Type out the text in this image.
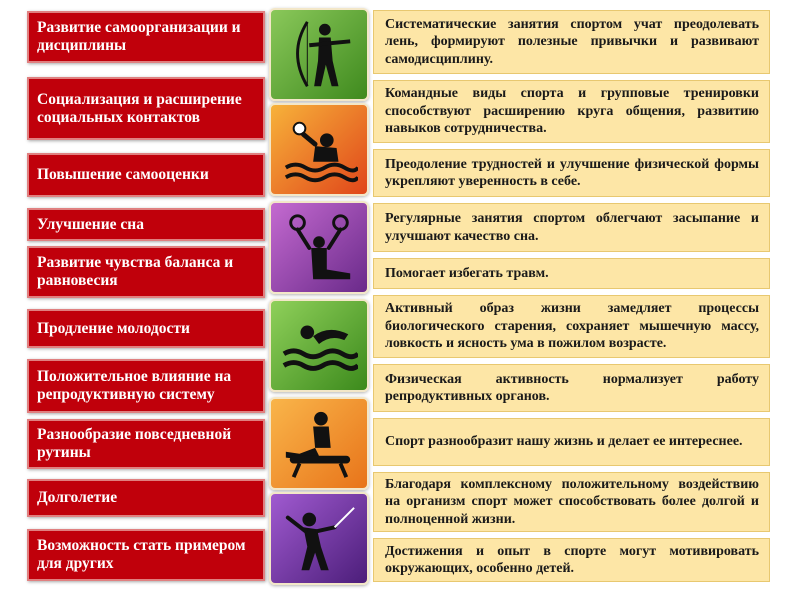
Развитие самоорганизации и дисциплины
Социализация и расширение социальных контактов
Повышение самооценки
Улучшение сна
Развитие чувства баланса и равновесия
Продление молодости
Положительное влияние на репродуктивную систему
Разнообразие повседневной рутины
Долголетие
Возможность стать примером для других
Систематические занятия спортом учат преодолевать лень, формируют полезные привычки и развивают самодисциплину.
Командные виды спорта и групповые тренировки способствуют расширению круга общения, развитию навыков сотрудничества.
Преодоление трудностей и улучшение физической формы укрепляют уверенность в себе.
Регулярные занятия спортом облегчают засыпание и улучшают качество сна.
Помогает избегать травм.
Активный образ жизни замедляет процессы биологического старения, сохраняет мышечную массу, ловкость и ясность ума в пожилом возрасте.
Физическая активность нормализует работу репродуктивных органов.
Спорт разнообразит нашу жизнь и делает ее интереснее.
Благодаря комплексному положительному воздействию на организм спорт может способствовать более долгой и полноценной жизни.
Достижения и опыт в спорте могут мотивировать окружающих, особенно детей.
